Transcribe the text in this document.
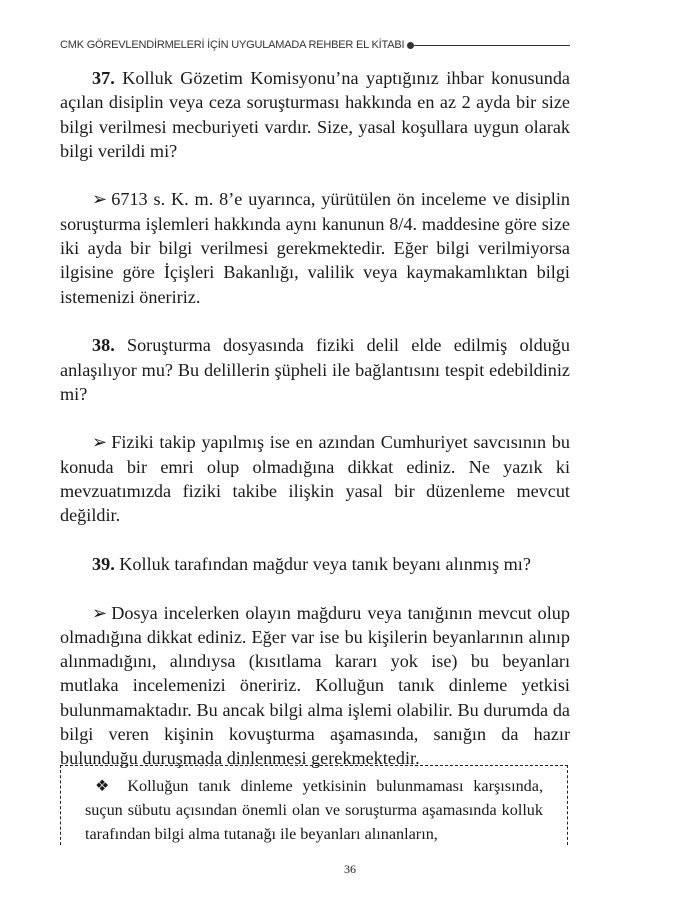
CMK GÖREVLENDİRMELERİ İÇİN UYGULAMADA REHBER EL KİTABI

37. Kolluk Gözetim Komisyonu’na yaptığınız ihbar konusunda açılan disiplin veya ceza soruşturması hakkında en az 2 ayda bir size bilgi verilmesi mecburiyeti vardır. Size, yasal koşullara uygun olarak bilgi verildi mi?

➢ 6713 s. K. m. 8’e uyarınca, yürütülen ön inceleme ve disiplin soruşturma işlemleri hakkında aynı kanunun 8/4. maddesine göre size iki ayda bir bilgi verilmesi gerekmektedir. Eğer bilgi verilmiyorsa ilgisine göre İçişleri Bakanlığı, valilik veya kaymakamlıktan bilgi istemenizi öneririz.

38. Soruşturma dosyasında fiziki delil elde edilmiş olduğu anlaşılıyor mu? Bu delillerin şüpheli ile bağlantısını tespit edebildiniz mi?

➢ Fiziki takip yapılmış ise en azından Cumhuriyet savcısının bu konuda bir emri olup olmadığına dikkat ediniz. Ne yazık ki mevzuatımızda fiziki takibe ilişkin yasal bir düzenleme mevcut değildir.

39. Kolluk tarafından mağdur veya tanık beyanı alınmış mı?

➢ Dosya incelerken olayın mağduru veya tanığının mevcut olup olmadığına dikkat ediniz. Eğer var ise bu kişilerin beyanlarının alınıp alınmadığını, alındıysa (kısıtlama kararı yok ise) bu beyanları mutlaka incelemenizi öneririz. Kolluğun tanık dinleme yetkisi bulunmamaktadır. Bu ancak bilgi alma işlemi olabilir. Bu durumda da bilgi veren kişinin kovuşturma aşamasında, sanığın da hazır bulunduğu duruşmada dinlenmesi gerekmektedir.

❖ Kolluğun tanık dinleme yetkisinin bulunmaması karşısında, suçun sübutu açısından önemli olan ve soruşturma aşamasında kolluk tarafından bilgi alma tutanağı ile beyanları alınanların,

36
